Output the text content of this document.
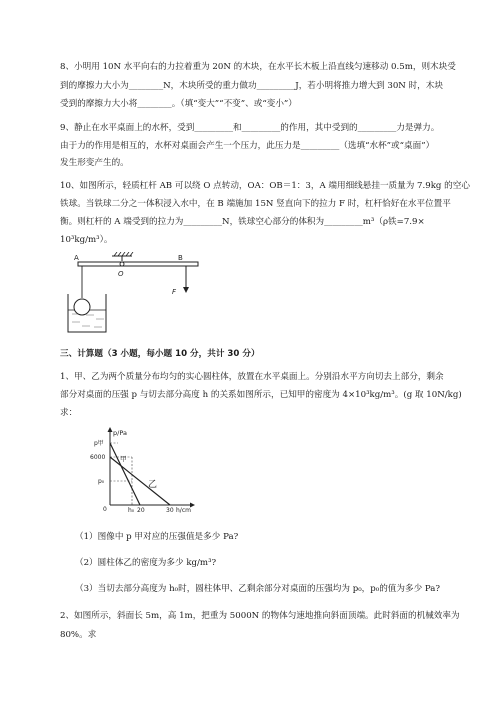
8、小明用 10N 水平向右的力拉着重为 20N 的木块，在水平长木板上沿直线匀速移动 0.5m，则木块受
到的摩擦力大小为________N，木块所受的重力做功_________J，若小明将推力增大到 30N 时，木块
受到的摩擦力大小将________。（填“变大”“不变”、或“变小”）
9、静止在水平桌面上的水杯，受到_________和_________的作用，其中受到的_________力是弹力。
由于力的作用是相互的，水杯对桌面会产生一个压力，此压力是_________（选填“水杯”或“桌面”）
发生形变产生的。
10、如图所示，轻质杠杆 AB 可以绕 O 点转动，OA：OB＝1：3，A 端用细线悬挂一质量为 7.9kg 的空心
铁球。当铁球二分之一体积浸入水中，在 B 端施加 15N 竖直向下的拉力 F 时，杠杆恰好在水平位置平
衡。则杠杆的 A 端受到的拉力为_________N，铁球空心部分的体积为_________m³（ρ铁=7.9×
10³kg/m³）。
A	B
O
F
三、计算题（3 小题，每小题 10 分，共计 30 分）
1、甲、乙为两个质量分布均匀的实心圆柱体，放置在水平桌面上。分别沿水平方向切去上部分，剩余
部分对桌面的压强 p 与切去部分高度 h 的关系如图所示，已知甲的密度为 4×10³kg/m³。(g 取 10N/kg)
求：
p/Pa
p甲
6000
p₀
0
甲
乙
h₀ 20	30 h/cm
（1）图像中 p 甲对应的压强值是多少 Pa?
（2）圆柱体乙的密度为多少 kg/m³?
（3）当切去部分高度为 h₀时，圆柱体甲、乙剩余部分对桌面的压强均为 p₀，p₀的值为多少 Pa?
2、如图所示，斜面长 5m，高 1m，把重为 5000N 的物体匀速地推向斜面顶端。此时斜面的机械效率为
80%。求
